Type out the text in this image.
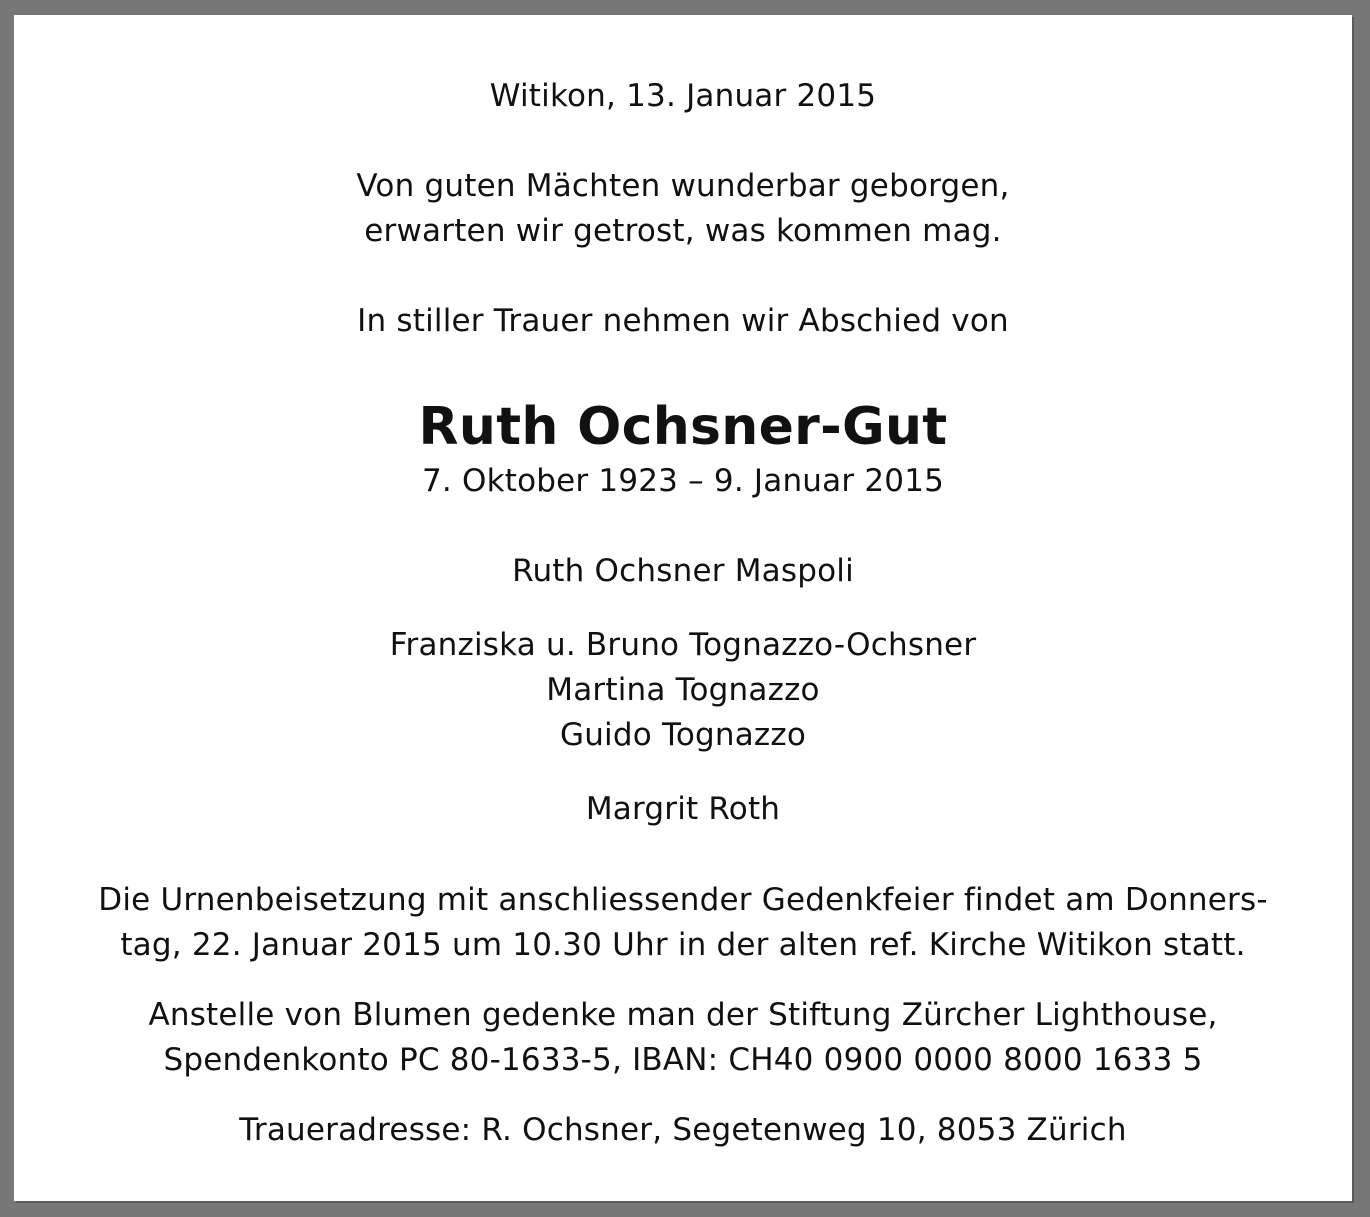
Witikon, 13. Januar 2015
Von guten Mächten wunderbar geborgen,
erwarten wir getrost, was kommen mag.
In stiller Trauer nehmen wir Abschied von
Ruth Ochsner-Gut
7. Oktober 1923 – 9. Januar 2015
Ruth Ochsner Maspoli
Franziska u. Bruno Tognazzo-Ochsner
Martina Tognazzo
Guido Tognazzo
Margrit Roth
Die Urnenbeisetzung mit anschliessender Gedenkfeier findet am Donners-
tag, 22. Januar 2015 um 10.30 Uhr in der alten ref. Kirche Witikon statt.
Anstelle von Blumen gedenke man der Stiftung Zürcher Lighthouse,
Spendenkonto PC 80-1633-5, IBAN: CH40 0900 0000 8000 1633 5
Traueradresse: R. Ochsner, Segetenweg 10, 8053 Zürich
